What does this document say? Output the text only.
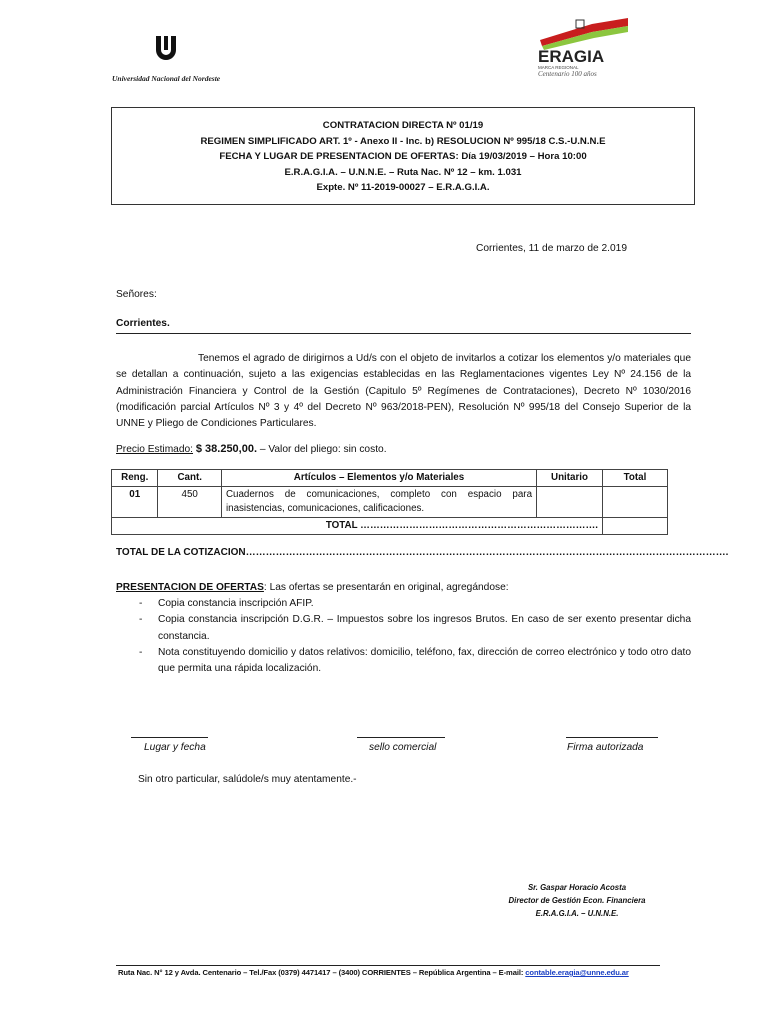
Universidad Nacional del Nordeste
ERAGIA
MARCA REGIONAL
Centenario 100 años
CONTRATACION DIRECTA Nº 01/19
REGIMEN SIMPLIFICADO ART. 1º - Anexo II - Inc. b) RESOLUCION Nº 995/18 C.S.-U.N.N.E
FECHA Y LUGAR DE PRESENTACION DE OFERTAS: Día 19/03/2019 – Hora 10:00
E.R.A.G.I.A. – U.N.N.E. – Ruta Nac. Nº 12 – km. 1.031
Expte. Nº 11-2019-00027 – E.R.A.G.I.A.
Corrientes, 11 de marzo de 2.019
Señores:
Corrientes.
Tenemos el agrado de dirigirnos a Ud/s con el objeto de invitarlos a cotizar los elementos y/o materiales que se detallan a continuación, sujeto a las exigencias establecidas en las Reglamentaciones vigentes Ley Nº 24.156 de la Administración Financiera y Control de la Gestión (Capitulo 5º Regímenes de Contrataciones), Decreto Nº 1030/2016 (modificación parcial Artículos Nº 3 y 4º del Decreto Nº 963/2018-PEN), Resolución Nº 995/18 del Consejo Superior de la UNNE y Pliego de Condiciones Particulares.
Precio Estimado: $ 38.250,00. – Valor del pliego: sin costo.
Reng.	Cant.	Artículos – Elementos y/o Materiales	Unitario	Total
01	450	Cuadernos de comunicaciones, completo con espacio para inasistencias, comunicaciones, calificaciones.		
TOTAL ……………………………………………………………….				
TOTAL DE LA COTIZACION……………………………………………………………………………………………………………………………….
PRESENTACION DE OFERTAS: Las ofertas se presentarán en original, agregándose:
- Copia constancia inscripción AFIP.
- Copia constancia inscripción D.G.R. – Impuestos sobre los ingresos Brutos. En caso de ser exento presentar dicha constancia.
- Nota constituyendo domicilio y datos relativos: domicilio, teléfono, fax, dirección de correo electrónico y todo otro dato que permita una rápida localización.
Lugar y fecha	sello comercial	Firma autorizada
Sin otro particular, salúdole/s muy atentamente.-
Sr. Gaspar Horacio Acosta
Director de Gestión Econ. Financiera
E.R.A.G.I.A. – U.N.N.E.
Ruta Nac. N° 12 y Avda. Centenario – Tel./Fax (0379) 4471417 – (3400) CORRIENTES – República Argentina – E-mail: contable.eragia@unne.edu.ar
